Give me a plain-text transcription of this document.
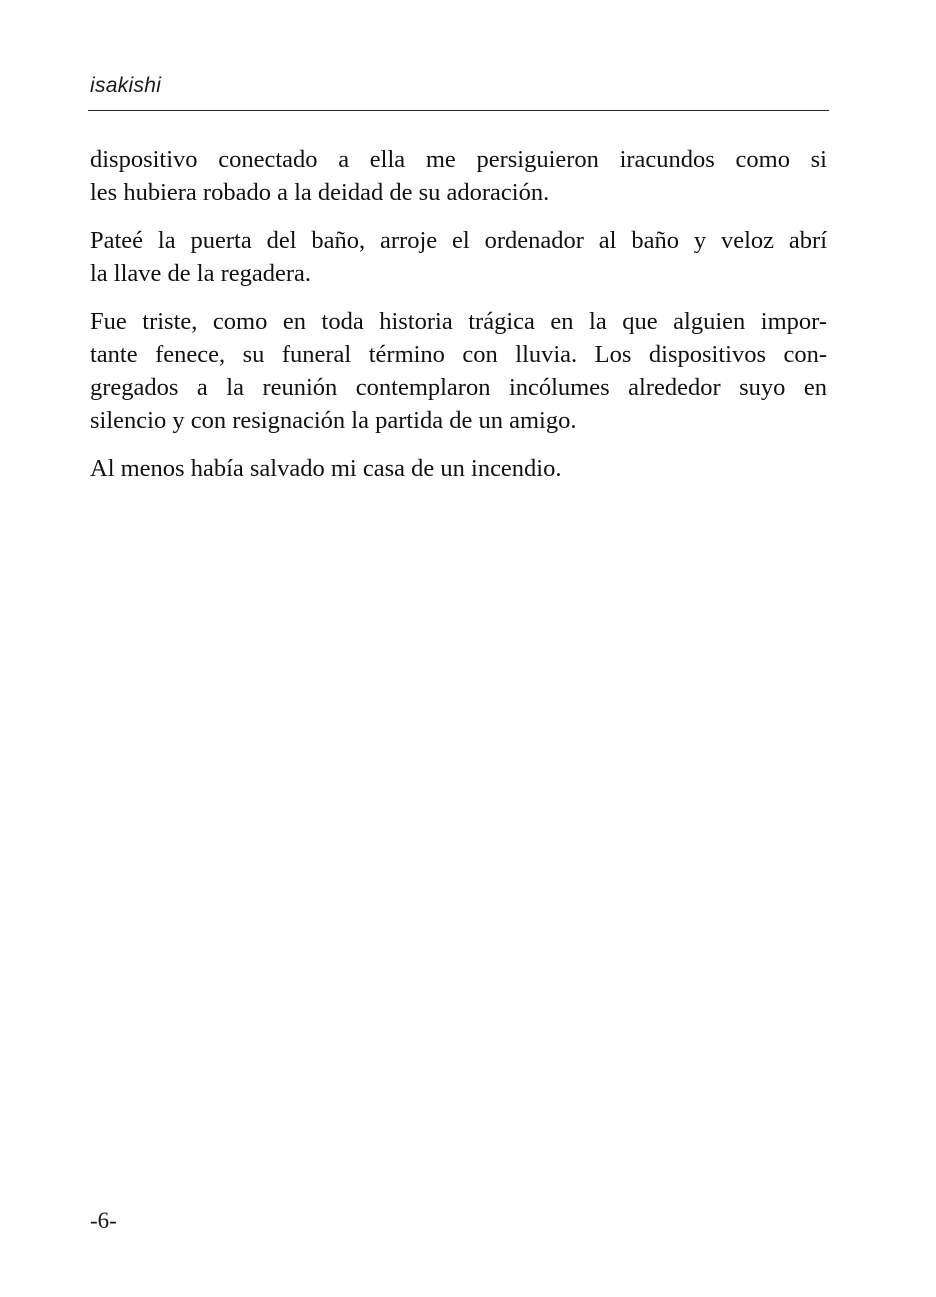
isakishi

dispositivo conectado a ella me persiguieron iracundos como si
les hubiera robado a la deidad de su adoración.

Pateé la puerta del baño, arroje el ordenador al baño y veloz abrí
la llave de la regadera.

Fue triste, como en toda historia trágica en la que alguien impor-
tante fenece, su funeral término con lluvia. Los dispositivos con-
gregados a la reunión contemplaron incólumes alrededor suyo en
silencio y con resignación la partida de un amigo.

Al menos había salvado mi casa de un incendio.

-6-
